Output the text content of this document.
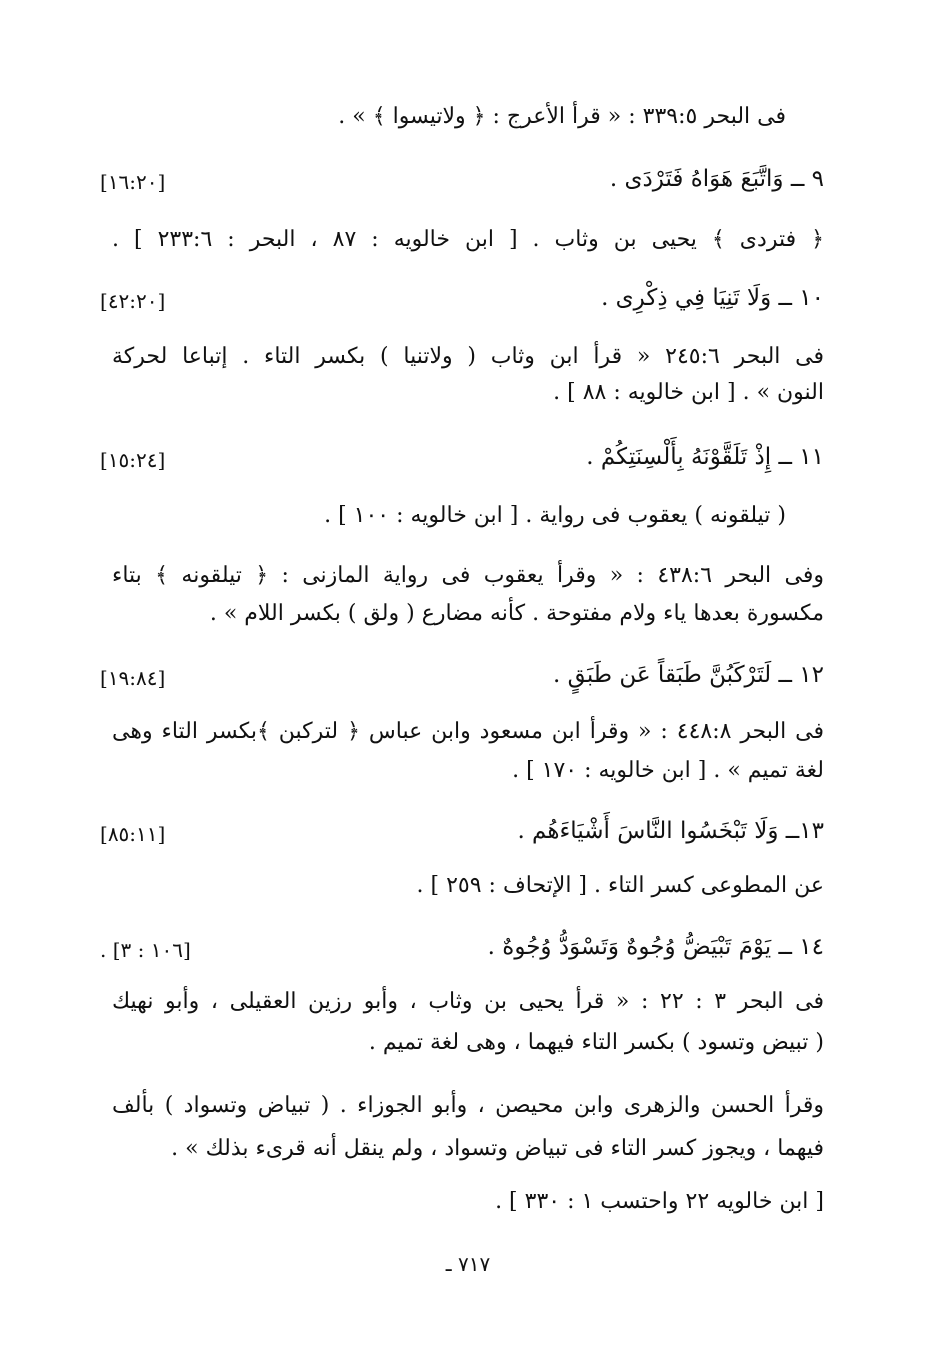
فى البحر ٣٣٩:٥ : « قرأ الأعرج : ﴿ ولاتيسوا ﴾ » .
٩ ــ وَاتَّبَعَ هَوَاهُ فَتَرْدَى .
[١٦:٢٠]
﴿ فتردى ﴾ يحيى بن وثاب . [ ابن خالويه : ٨٧ ، البحر : ٢٣٣:٦ ] .
١٠ ــ وَلَا تَنِيَا فِي ذِكْرِى .
[٤٢:٢٠]
فى البحر ٢٤٥:٦ « قرأ ابن وثاب ( ولاتنيا ) بكسر التاء . إتباعا لحركة
النون » . [ ابن خالويه : ٨٨ ] .
١١ ــ إِذْ تَلَقَّوْنَهُ بِأَلْسِنَتِكُمْ .
[١٥:٢٤]
( تيلقونه ) يعقوب فى رواية . [ ابن خالويه : ١٠٠ ] .
وفى البحر ٤٣٨:٦ : « وقرأ يعقوب فى رواية المازنى : ﴿ تيلقونه ﴾ بتاء
مكسورة بعدها ياء ولام مفتوحة . كأنه مضارع ( ولق ) بكسر اللام » .
١٢ ــ لَتَرْكَبُنَّ طَبَقاً عَن طَبَقٍ .
[١٩:٨٤]
فى البحر ٤٤٨:٨ : « وقرأ ابن مسعود وابن عباس ﴿ لتركبن ﴾بكسر التاء وهى
لغة تميم » . [ ابن خالويه : ١٧٠ ] .
١٣ــ وَلَا تَبْخَسُوا النَّاسَ أَشْيَاءَهُم .
[٨٥:١١]
عن المطوعى كسر التاء . [ الإتحاف : ٢٥٩ ] .
١٤ ــ يَوْمَ تَبْيَضُّ وُجُوهٌ وَتَسْوَدُّ وُجُوهٌ .
. [١٠٦ : ٣]
فى البحر ٣ : ٢٢ : « قرأ يحيى بن وثاب ، وأبو رزين العقيلى ، وأبو نهيك
( تبيض وتسود ) بكسر التاء فيهما ، وهى لغة تميم .
وقرأ الحسن والزهرى وابن محيصن ، وأبو الجوزاء . ( تبياض وتسواد ) بألف
فيهما ، ويجوز كسر التاء فى تبياض وتسواد ، ولم ينقل أنه قرىء بذلك » .
[ ابن خالويه ٢٢ واحتسب ١ : ٣٣٠ ] .
٧١٧ ـ
